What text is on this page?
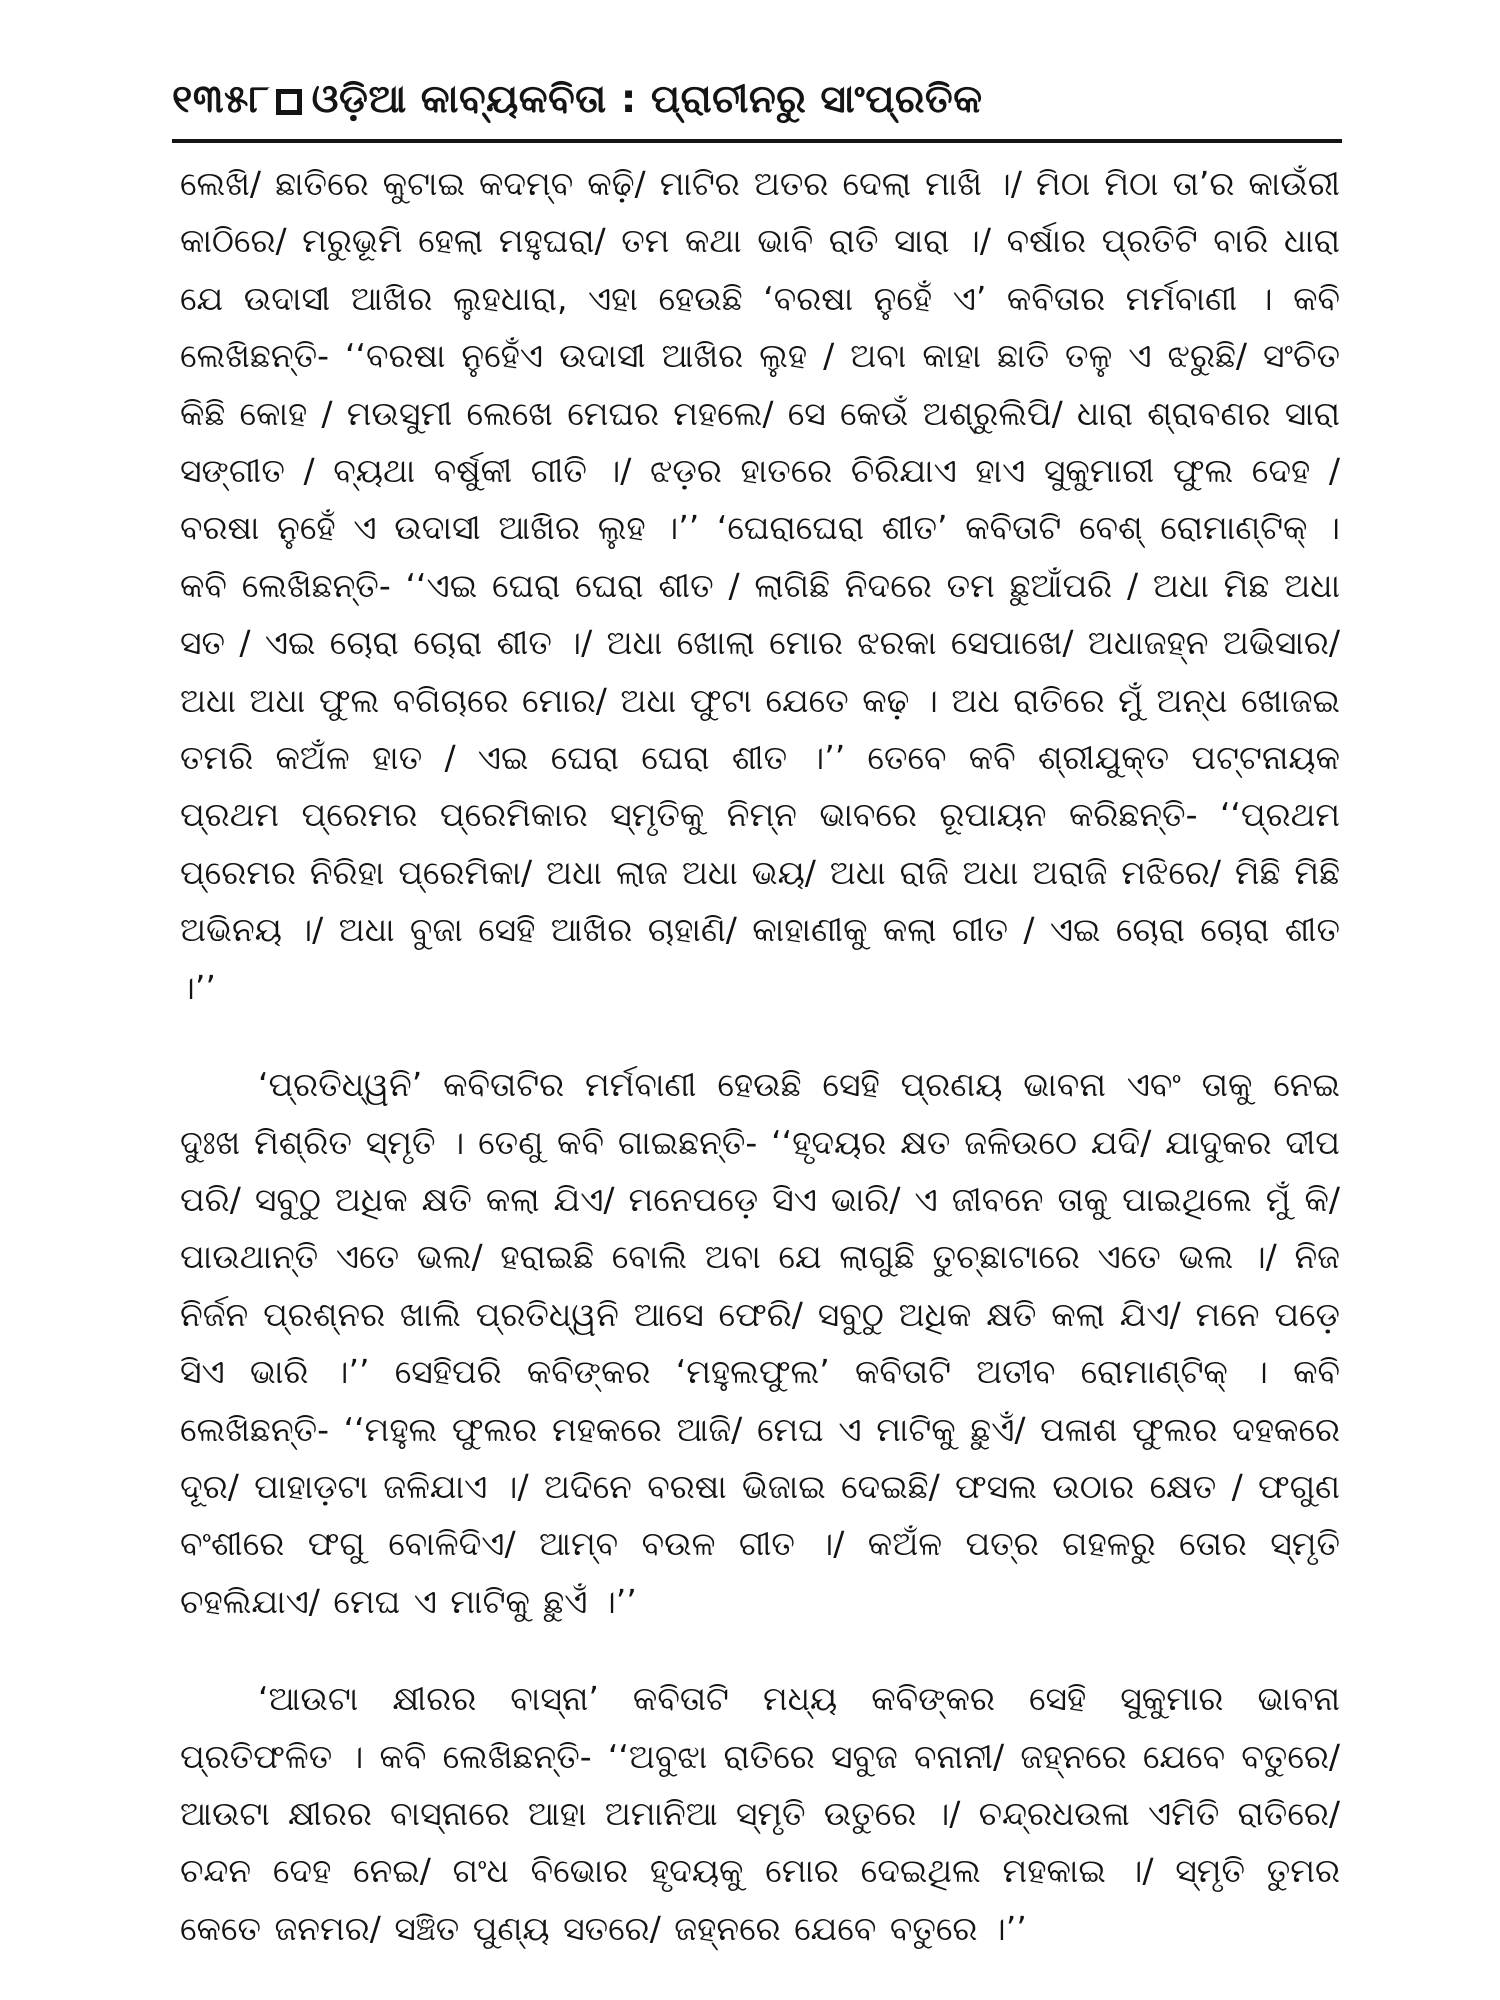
୧୩୫୮ ଓଡ଼ିଆ କାବ୍ୟକବିତା : ପ୍ରାଚୀନରୁ ସାଂପ୍ରତିକ

ଲେଖି/ ଛାତିରେ କୁଟାଇ କଦମ୍ବ କଢ଼ି/ ମାଟିର ଅତର ଦେଲା ମାଖି ।/ ମିଠା ମିଠା ତା’ର କାଉଁରୀ କାଠିରେ/ ମରୁଭୂମି ହେଲା ମହୁଘରା/ ତମ କଥା ଭାବି ରାତି ସାରା ।/ ବର୍ଷାର ପ୍ରତିଟି ବାରି ଧାରା ଯେ ଉଦାସୀ ଆଖିର ଲୁହଧାରା, ଏହା ହେଉଛି ‘ବରଷା ନୁହେଁ ଏ’ କବିତାର ମର୍ମବାଣୀ । କବି ଲେଖିଛନ୍ତି- ‘‘ବରଷା ନୁହେଁଏ ଉଦାସୀ ଆଖିର ଲୁହ / ଅବା କାହା ଛାତି ତଳୁ ଏ ଝରୁଛି/ ସଂଚିତ କିଛି କୋହ / ମଉସୁମୀ ଲେଖେ ମେଘର ମହଲେ/ ସେ କେଉଁ ଅଶ୍ରୁଲିପି/ ଧାରା ଶ୍ରାବଣର ସାରା ସଙ୍ଗୀତ / ବ୍ୟଥା ବର୍ଷୁକୀ ଗୀତି ।/ ଝଡ଼ର ହାତରେ ଚିରିଯାଏ ହାଏ ସୁକୁମାରୀ ଫୁଲ ଦେହ / ବରଷା ନୁହେଁ ଏ ଉଦାସୀ ଆଖିର ଲୁହ ।’’ ‘ଘେରାଘେରା ଶୀତ’ କବିତାଟି ବେଶ୍ ରୋମାଣ୍ଟିକ୍ । କବି ଲେଖିଛନ୍ତି- ‘‘ଏଇ ଘେରା ଘେରା ଶୀତ / ଲାଗିଛି ନିଦରେ ତମ ଛୁଆଁପରି / ଅଧା ମିଛ ଅଧା ସତ / ଏଇ ଚୋରା ଚୋରା ଶୀତ ।/ ଅଧା ଖୋଲା ମୋର ଝରକା ସେପାଖେ/ ଅଧାଜହ୍ନ ଅଭିସାର/ ଅଧା ଅଧା ଫୁଲ ବଗିଚାରେ ମୋର/ ଅଧା ଫୁଟା ଯେତେ କଢ଼ । ଅଧ ରାତିରେ ମୁଁ ଅନ୍ଧ ଖୋଜଇ ତମରି କଅଁଳ ହାତ / ଏଇ ଘେରା ଘେରା ଶୀତ ।’’ ତେବେ କବି ଶ୍ରୀଯୁକ୍ତ ପଟ୍ଟନାୟକ ପ୍ରଥମ ପ୍ରେମର ପ୍ରେମିକାର ସ୍ମୃତିକୁ ନିମ୍ନ ଭାବରେ ରୂପାୟନ କରିଛନ୍ତି- ‘‘ପ୍ରଥମ ପ୍ରେମର ନିରିହା ପ୍ରେମିକା/ ଅଧା ଲାଜ ଅଧା ଭୟ/ ଅଧା ରାଜି ଅଧା ଅରାଜି ମଝିରେ/ ମିଛି ମିଛି ଅଭିନୟ ।/ ଅଧା ବୁଜା ସେହି ଆଖିର ଚାହାଣି/ କାହାଣୀକୁ କଲା ଗୀତ / ଏଇ ଚୋରା ଚୋରା ଶୀତ ।’’

‘ପ୍ରତିଧ୍ୱନି’ କବିତାଟିର ମର୍ମବାଣୀ ହେଉଛି ସେହି ପ୍ରଣୟ ଭାବନା ଏବଂ ତାକୁ ନେଇ ଦୁଃଖ ମିଶ୍ରିତ ସ୍ମୃତି । ତେଣୁ କବି ଗାଇଛନ୍ତି- ‘‘ହୃଦୟର କ୍ଷତ ଜଳିଉଠେ ଯଦି/ ଯାଦୁକର ଦୀପ ପରି/ ସବୁଠୁ ଅଧିକ କ୍ଷତି କଲା ଯିଏ/ ମନେପଡ଼େ ସିଏ ଭାରି/ ଏ ଜୀବନେ ତାକୁ ପାଇଥିଲେ ମୁଁ କି/ ପାଉଥାନ୍ତି ଏତେ ଭଲ/ ହରାଇଛି ବୋଲି ଅବା ଯେ ଲାଗୁଛି ତୁଚ୍ଛାଟାରେ ଏତେ ଭଲ ।/ ନିଜ ନିର୍ଜନ ପ୍ରଶ୍ନର ଖାଲି ପ୍ରତିଧ୍ୱନି ଆସେ ଫେରି/ ସବୁଠୁ ଅଧିକ କ୍ଷତି କଲା ଯିଏ/ ମନେ ପଡ଼େ ସିଏ ଭାରି ।’’ ସେହିପରି କବିଙ୍କର ‘ମହୁଲଫୁଲ’ କବିତାଟି ଅତୀବ ରୋମାଣ୍ଟିକ୍ । କବି ଲେଖିଛନ୍ତି- ‘‘ମହୁଲ ଫୁଲର ମହକରେ ଆଜି/ ମେଘ ଏ ମାଟିକୁ ଛୁଏଁ/ ପଳାଶ ଫୁଲର ଦହକରେ ଦୂର/ ପାହାଡ଼ଟା ଜଳିଯାଏ ।/ ଅଦିନେ ବରଷା ଭିଜାଇ ଦେଇଛି/ ଫସଲ ଉଠାର କ୍ଷେତ / ଫଗୁଣ ବଂଶୀରେ ଫଗୁ ବୋଳିଦିଏ/ ଆମ୍ବ ବଉଳ ଗୀତ ।/ କଅଁଳ ପତ୍ର ଗହଳରୁ ତୋର ସ୍ମୃତି ଚହଲିଯାଏ/ ମେଘ ଏ ମାଟିକୁ ଛୁଏଁ ।’’

‘ଆଉଟା କ୍ଷୀରର ବାସ୍ନା’ କବିତାଟି ମଧ୍ୟ କବିଙ୍କର ସେହି ସୁକୁମାର ଭାବନା ପ୍ରତିଫଳିତ । କବି ଲେଖିଛନ୍ତି- ‘‘ଅବୁଝା ରାତିରେ ସବୁଜ ବନାନୀ/ ଜହ୍ନରେ ଯେବେ ବତୁରେ/ ଆଉଟା କ୍ଷୀରର ବାସ୍ନାରେ ଆହା ଅମାନିଆ ସ୍ମୃତି ଉତୁରେ ।/ ଚନ୍ଦ୍ରଧଉଳା ଏମିତି ରାତିରେ/ ଚନ୍ଦନ ଦେହ ନେଇ/ ଗଂଧ ବିଭୋର ହୃଦୟକୁ ମୋର ଦେଇଥିଲ ମହକାଇ ।/ ସ୍ମୃତି ତୁମର କେତେ ଜନମର/ ସଞ୍ଚିତ ପୁଣ୍ୟ ସତରେ/ ଜହ୍ନରେ ଯେବେ ବତୁରେ ।’’
